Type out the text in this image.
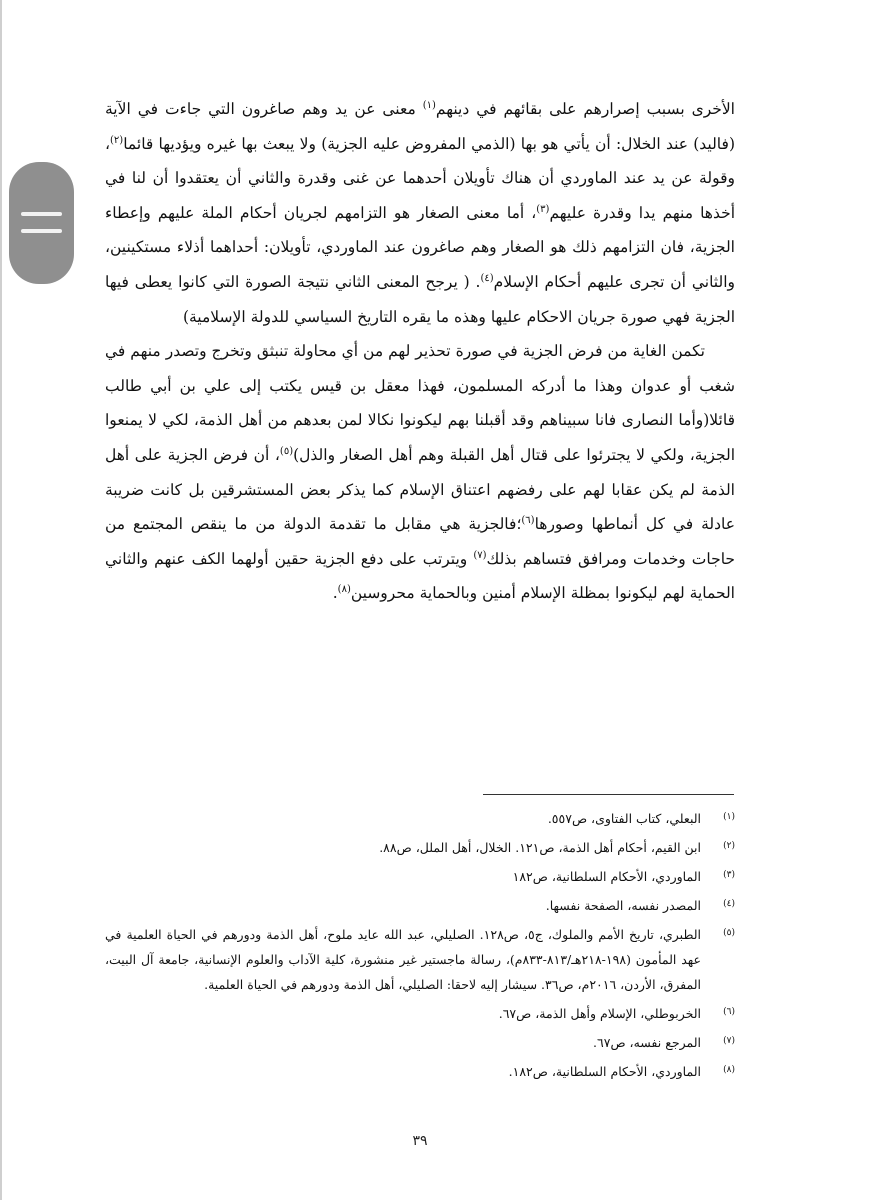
الأخرى بسبب إصرارهم على بقائهم في دينهم$^{(١)}$ معنى عن يد وهم صاغرون التي جاءت في الآية (فاليد) عند الخلال: أن يأتي هو بها (الذمي المفروض عليه الجزية) ولا يبعث بها غيره ويؤديها قائما$^{(٢)}$، وقولة عن يد عند الماوردي أن هناك تأويلان أحدهما عن غنى وقدرة والثاني أن يعتقدوا أن لنا في أخذها منهم يدا وقدرة عليهم$^{(٣)}$، أما معنى الصغار هو التزامهم لجريان أحكام الملة عليهم وإعطاء الجزية، فان التزامهم ذلك هو الصغار وهم صاغرون عند الماوردي، تأويلان: أحداهما أذلاء مستكينين، والثاني أن تجرى عليهم أحكام الإسلام$^{(٤)}$. ( يرجح المعنى الثاني نتيجة الصورة التي كانوا يعطى فيها الجزية فهي صورة جريان الاحكام عليها وهذه ما يقره التاريخ السياسي للدولة الإسلامية)

تكمن الغاية من فرض الجزية في صورة تحذير لهم من أي محاولة تنبثق وتخرج وتصدر منهم في شغب أو عدوان وهذا ما أدركه المسلمون، فهذا معقل بن قيس يكتب إلى علي بن أبي طالب قائلا(وأما النصارى فانا سبيناهم وقد أقبلنا بهم ليكونوا نكالا لمن بعدهم من أهل الذمة، لكي لا يمنعوا الجزية، ولكي لا يجترئوا على قتال أهل القبلة وهم أهل الصغار والذل)$^{(٥)}$، أن فرض الجزية على أهل الذمة لم يكن عقابا لهم على رفضهم اعتناق الإسلام كما يذكر بعض المستشرقين بل كانت ضريبة عادلة في كل أنماطها وصورها$^{(٦)}$؛فالجزية هي مقابل ما تقدمة الدولة من ما ينقص المجتمع من حاجات وخدمات ومرافق فتساهم بذلك$^{(٧)}$ ويترتب على دفع الجزية حقين أولهما الكف عنهم والثاني الحماية لهم ليكونوا بمظلة الإسلام أمنين وبالحماية محروسين$^{(٨)}$.

(١)
البعلي، كتاب الفتاوى، ص٥٥٧.
(٢)
ابن القيم، أحكام أهل الذمة، ص١٢١. الخلال، أهل الملل، ص٨٨.
(٣)
الماوردي، الأحكام السلطانية، ص١٨٢
(٤)
المصدر نفسه، الصفحة نفسها.
(٥)
الطبري، تاريخ الأمم والملوك، ج٥، ص١٢٨. الصليلي، عبد الله عايد ملوح، أهل الذمة ودورهم في الحياة العلمية في عهد المأمون (١٩٨-٢١٨هـ/٨١٣-٨٣٣م)، رسالة ماجستير غير منشورة، كلية الآداب والعلوم الإنسانية، جامعة آل البيت، المفرق، الأردن، ٢٠١٦م، ص٣٦. سيشار إليه لاحقا: الصليلي، أهل الذمة ودورهم في الحياة العلمية.
(٦)
الخربوطلي، الإسلام وأهل الذمة، ص٦٧.
(٧)
المرجع نفسه، ص٦٧.
(٨)
الماوردي، الأحكام السلطانية، ص١٨٢.
٣٩
